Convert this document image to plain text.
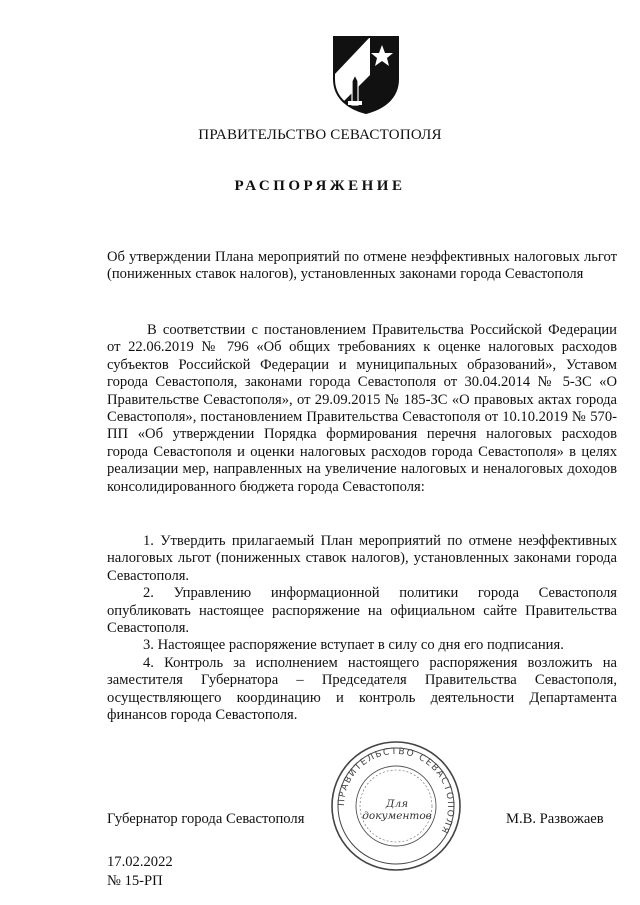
ПРАВИТЕЛЬСТВО СЕВАСТОПОЛЯ
РАСПОРЯЖЕНИЕ
Об утверждении Плана мероприятий по отмене неэффективных налоговых льгот (пониженных ставок налогов), установленных законами города Севастополя
В соответствии с постановлением Правительства Российской Федерации от 22.06.2019 № 796 «Об общих требованиях к оценке налоговых расходов субъектов Российской Федерации и муниципальных образований», Уставом города Севастополя, законами города Севастополя от 30.04.2014 № 5-ЗС «О Правительстве Севастополя», от 29.09.2015 № 185-ЗС «О правовых актах города Севастополя», постановлением Правительства Севастополя от 10.10.2019 № 570-ПП «Об утверждении Порядка формирования перечня налоговых расходов города Севастополя и оценки налоговых расходов города Севастополя» в целях реализации мер, направленных на увеличение налоговых и неналоговых доходов консолидированного бюджета города Севастополя:

1. Утвердить прилагаемый План мероприятий по отмене неэффективных налоговых льгот (пониженных ставок налогов), установленных законами города Севастополя.

2. Управлению информационной политики города Севастополя опубликовать настоящее распоряжение на официальном сайте Правительства Севастополя.

3. Настоящее распоряжение вступает в силу со дня его подписания.

4. Контроль за исполнением настоящего распоряжения возложить на заместителя Губернатора – Председателя Правительства Севастополя, осуществляющего координацию и контроль деятельности Департамента финансов города Севастополя.

Губернатор города Севастополя
ПРАВИТЕЛЬСТВО СЕВАСТОПОЛЯ
Для
документов	М.В. Развожаев
17.02.2022
№ 15-РП
